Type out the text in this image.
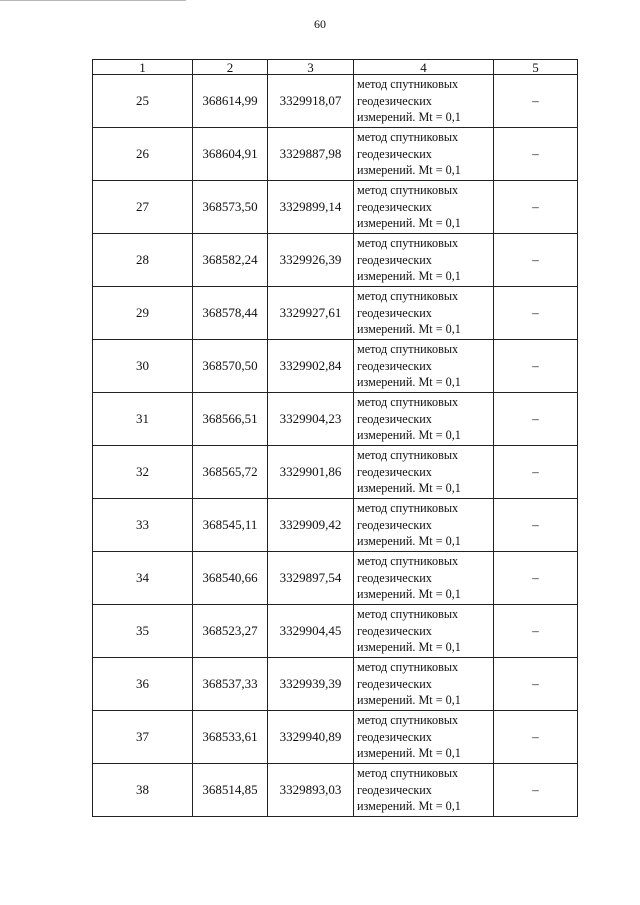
60
1	2	3	4	5
25	368614,99	3329918,07	метод спутниковых
геодезических
измерений. Mt = 0,1	–
26	368604,91	3329887,98	метод спутниковых
геодезических
измерений. Mt = 0,1	–
27	368573,50	3329899,14	метод спутниковых
геодезических
измерений. Mt = 0,1	–
28	368582,24	3329926,39	метод спутниковых
геодезических
измерений. Mt = 0,1	–
29	368578,44	3329927,61	метод спутниковых
геодезических
измерений. Mt = 0,1	–
30	368570,50	3329902,84	метод спутниковых
геодезических
измерений. Mt = 0,1	–
31	368566,51	3329904,23	метод спутниковых
геодезических
измерений. Mt = 0,1	–
32	368565,72	3329901,86	метод спутниковых
геодезических
измерений. Mt = 0,1	–
33	368545,11	3329909,42	метод спутниковых
геодезических
измерений. Mt = 0,1	–
34	368540,66	3329897,54	метод спутниковых
геодезических
измерений. Mt = 0,1	–
35	368523,27	3329904,45	метод спутниковых
геодезических
измерений. Mt = 0,1	–
36	368537,33	3329939,39	метод спутниковых
геодезических
измерений. Mt = 0,1	–
37	368533,61	3329940,89	метод спутниковых
геодезических
измерений. Mt = 0,1	–
38	368514,85	3329893,03	метод спутниковых
геодезических
измерений. Mt = 0,1	–
